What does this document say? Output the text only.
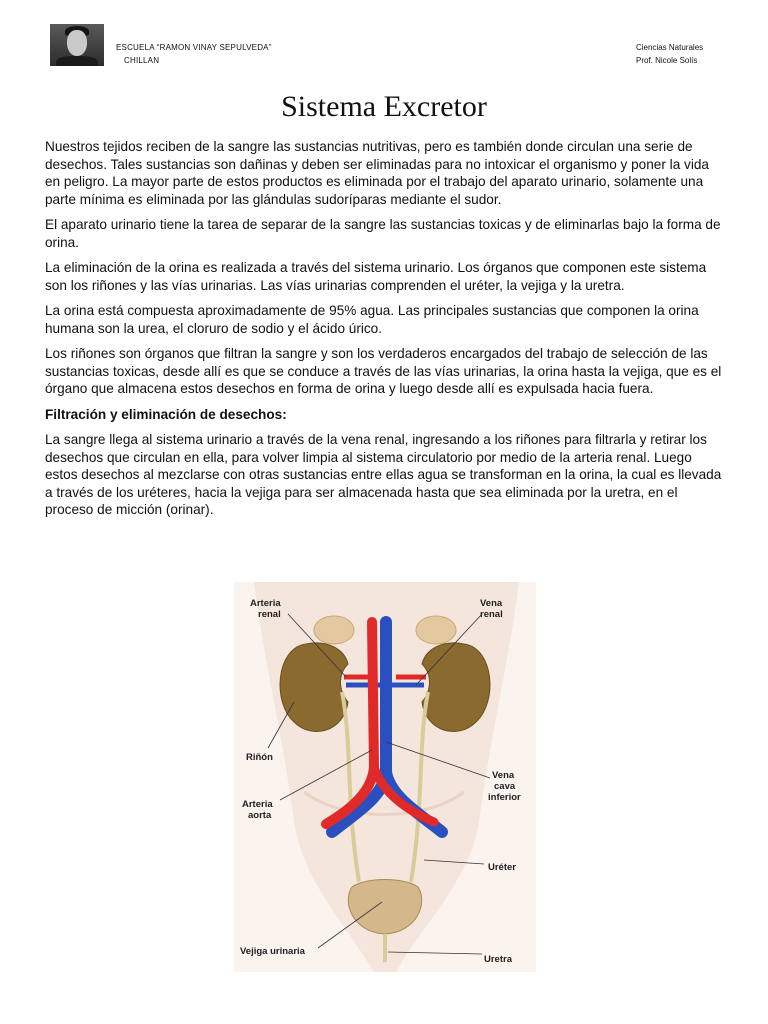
ESCUELA “RAMON VINAY SEPULVEDA”
CHILLAN
Ciencias Naturales
Prof. Nicole Solís
Sistema Excretor

Nuestros tejidos reciben de la sangre las sustancias nutritivas, pero es también donde circulan una serie de desechos. Tales sustancias son dañinas y deben ser eliminadas para no intoxicar el organismo y poner la vida en peligro. La mayor parte de estos productos es eliminada por el trabajo del aparato urinario, solamente una parte mínima es eliminada por las glándulas sudoríparas mediante el sudor.

El aparato urinario tiene la tarea de separar de la sangre las sustancias toxicas y de eliminarlas bajo la forma de orina.

La eliminación de la orina es realizada a través del sistema urinario. Los órganos que componen este sistema son los riñones y las vías urinarias. Las vías urinarias comprenden el uréter, la vejiga y la uretra.

La orina está compuesta aproximadamente de 95% agua. Las principales sustancias que componen la orina humana son la urea, el cloruro de sodio y el ácido úrico.

Los riñones son órganos que filtran la sangre y son los verdaderos encargados del trabajo de selección de las sustancias toxicas, desde allí es que se conduce a través de las vías urinarias, la orina hasta la vejiga, que es el órgano que almacena estos desechos en forma de orina y luego desde allí es expulsada hacia fuera.

Filtración y eliminación de desechos:

La sangre llega al sistema urinario a través de la vena renal, ingresando a los riñones para filtrarla y retirar los desechos que circulan en ella, para volver limpia al sistema circulatorio por medio de la arteria renal. Luego estos desechos al mezclarse con otras sustancias entre ellas agua se transforman en la orina, la cual es llevada a través de los uréteres, hacia la vejiga para ser almacenada hasta que sea eliminada por la uretra, en el proceso de micción (orinar).

Arteria renal
Vena renal
Riñón
Arteria aorta
Vena cava inferior
Uréter
Vejiga urinaria
Uretra
